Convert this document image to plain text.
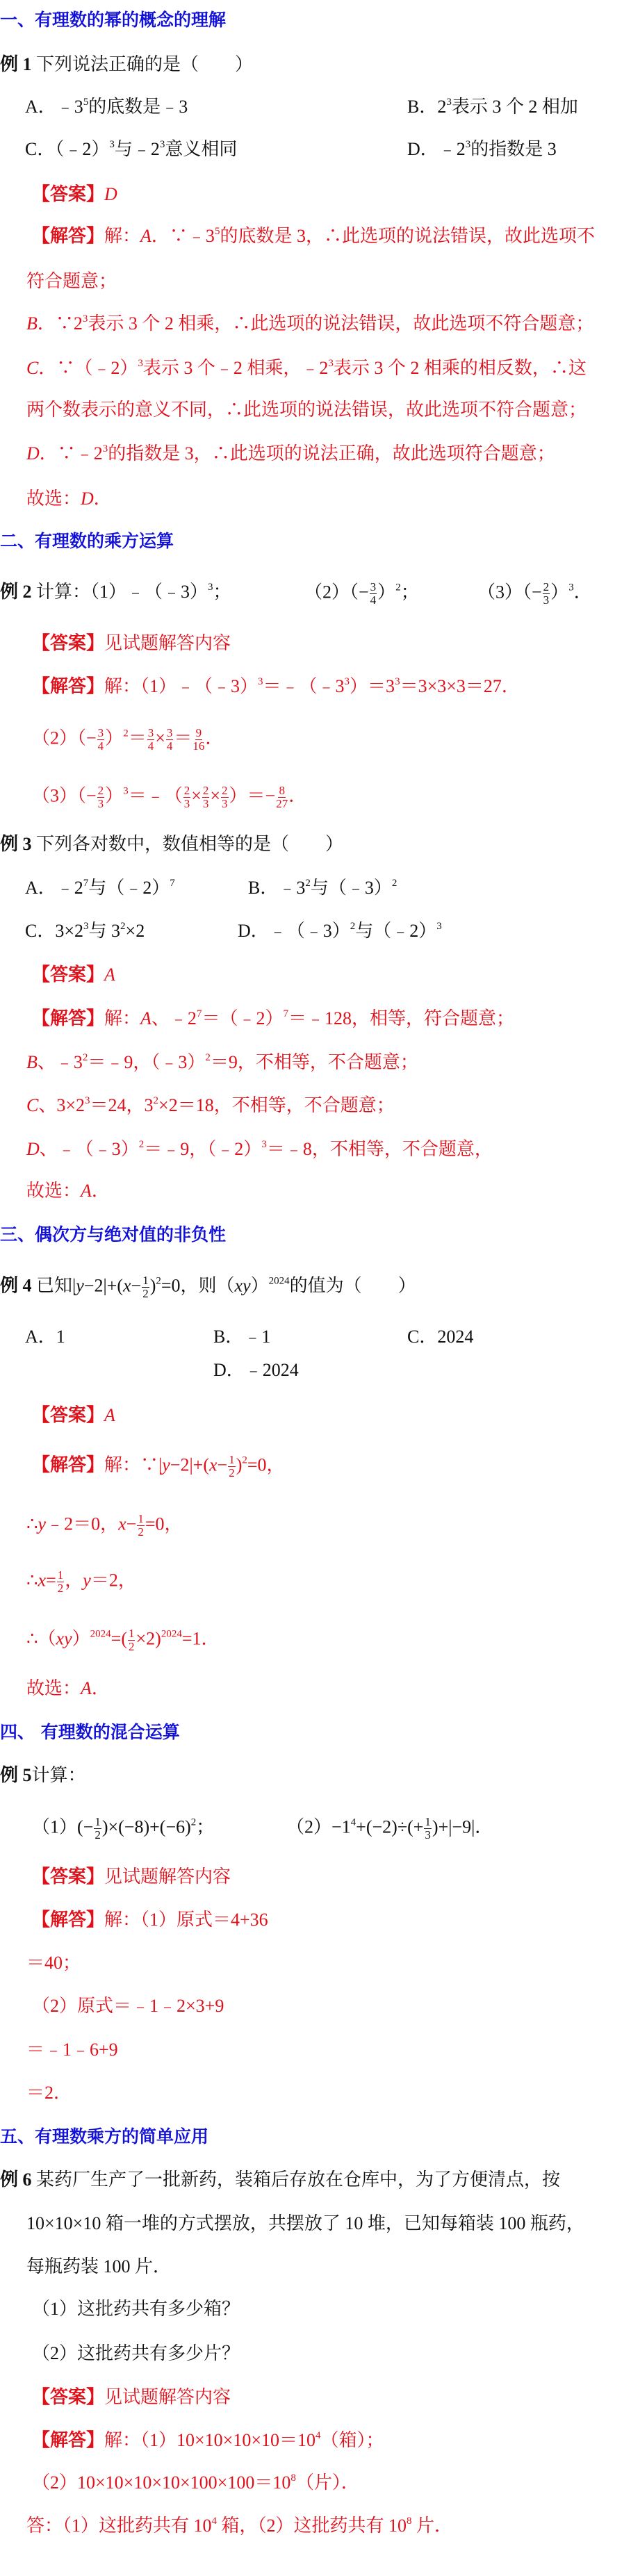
一、有理数的幂的概念的理解
例 1 下列说法正确的是（　　）
A．$﹣3^5$的底数是﹣3	B．$2^3$表示 3 个 2 相加
C．（﹣2）$^3$与$﹣2^3$意义相同	D．$﹣2^3$的指数是 3
【答案】D
【解答】解：A．$\because﹣3^5$的底数是 3，∴此选项的说法错误，故此选项不
符合题意；
B．$\because 2^3$表示 3 个 2 相乘，∴此选项的说法错误，故此选项不符合题意；
C．∵（﹣2）$^3$表示 3 个﹣2 相乘，$﹣2^3$表示 3 个 2 相乘的相反数，∴这
两个数表示的意义不同，∴此选项的说法错误，故此选项不符合题意；
D．$\because﹣2^3$的指数是 3，∴此选项的说法正确，故此选项符合题意；
故选：D．
二、有理数的乘方运算
例 2 计算：（1）﹣（﹣3）$^3$；	$(2)(- \frac{3}{4} )^2$；	$(3)(- \frac{2}{3} )^3$．
【答案】见试题解答内容
【解答】解：$(1)﹣(﹣3)^3=﹣(﹣3^3)=3^3=3\times 3\times 3=27$．
$(2)(- \frac{3}{4} )^2= \frac{3}{4} \times \frac{3}{4} = \frac{9}{16}$ ．
$(3)(- \frac{2}{3}$ ）$^3=﹣( \frac{2}{3} \times \frac{2}{3} \times \frac{2}{3}$ ）＝− $\frac{8}{27}$ ．
例 3 下列各对数中，数值相等的是（　　）
A．$﹣2^7$与（﹣2）$^7$	B．$﹣3^2$与（﹣3）$^2$
C．$3\times 2^3$与 $3^2\times 2$	D．﹣（﹣3）$^2$与（﹣2）$^3$
【答案】A
【解答】解：A、$﹣2^7=(﹣2)^7=﹣128$，相等，符合题意；
B、$﹣3^2=﹣9$，（﹣3）$^2$＝9，不相等，不合题意；
C、$3\times 2^3=24$，$3^2\times 2=18$，不相等，不合题意；
D、﹣（﹣3）$^2$＝﹣9，（﹣2）$^3$＝﹣8，不相等，不合题意，
故选：A．
三、偶次方与绝对值的非负性
例 4 已知$|y-2|+(x- \frac{1}{2} )^2=0$，则（xy）$^{2024}$的值为（　　）
A．1	B．﹣1	C．2024
D．﹣2024
【答案】A
【解答】解：∵|y−2|+(x− $\frac{1}{2} )^2=0$，
∴y﹣2＝0，$x- \frac{1}{2} =0$，
∴x= $\frac{1}{2}$ ，y＝2，
∴（xy）$^{2024}$=( $\frac{1}{2} \times 2)^{2024}=1$．
故选：A．
四、 有理数的混合运算
例 5计算：
$(1)(- \frac{1}{2} )\times(-8)+(-6)^2$；	$(2)-1^4+(-2)\div(+ \frac{1}{3} )+|-9|$．
【答案】见试题解答内容
【解答】解：（1）原式＝4+36
＝40；
（2）原式＝﹣1﹣2×3+9
＝﹣1﹣6+9
＝2．
五、有理数乘方的简单应用
例 6 某药厂生产了一批新药，装箱后存放在仓库中，为了方便清点，按
10×10×10 箱一堆的方式摆放，共摆放了 10 堆，已知每箱装 100 瓶药，
每瓶药装 100 片．
（1）这批药共有多少箱？
（2）这批药共有多少片？
【答案】见试题解答内容
【解答】解：$(1)10\times 10\times 10\times 10=10^4$（箱）；
$(2)10\times 10\times 10\times 10\times 100\times 100=10^8$（片）．
答：（1）这批药共有 $10^4$ 箱，（2）这批药共有 $10^8$ 片．
